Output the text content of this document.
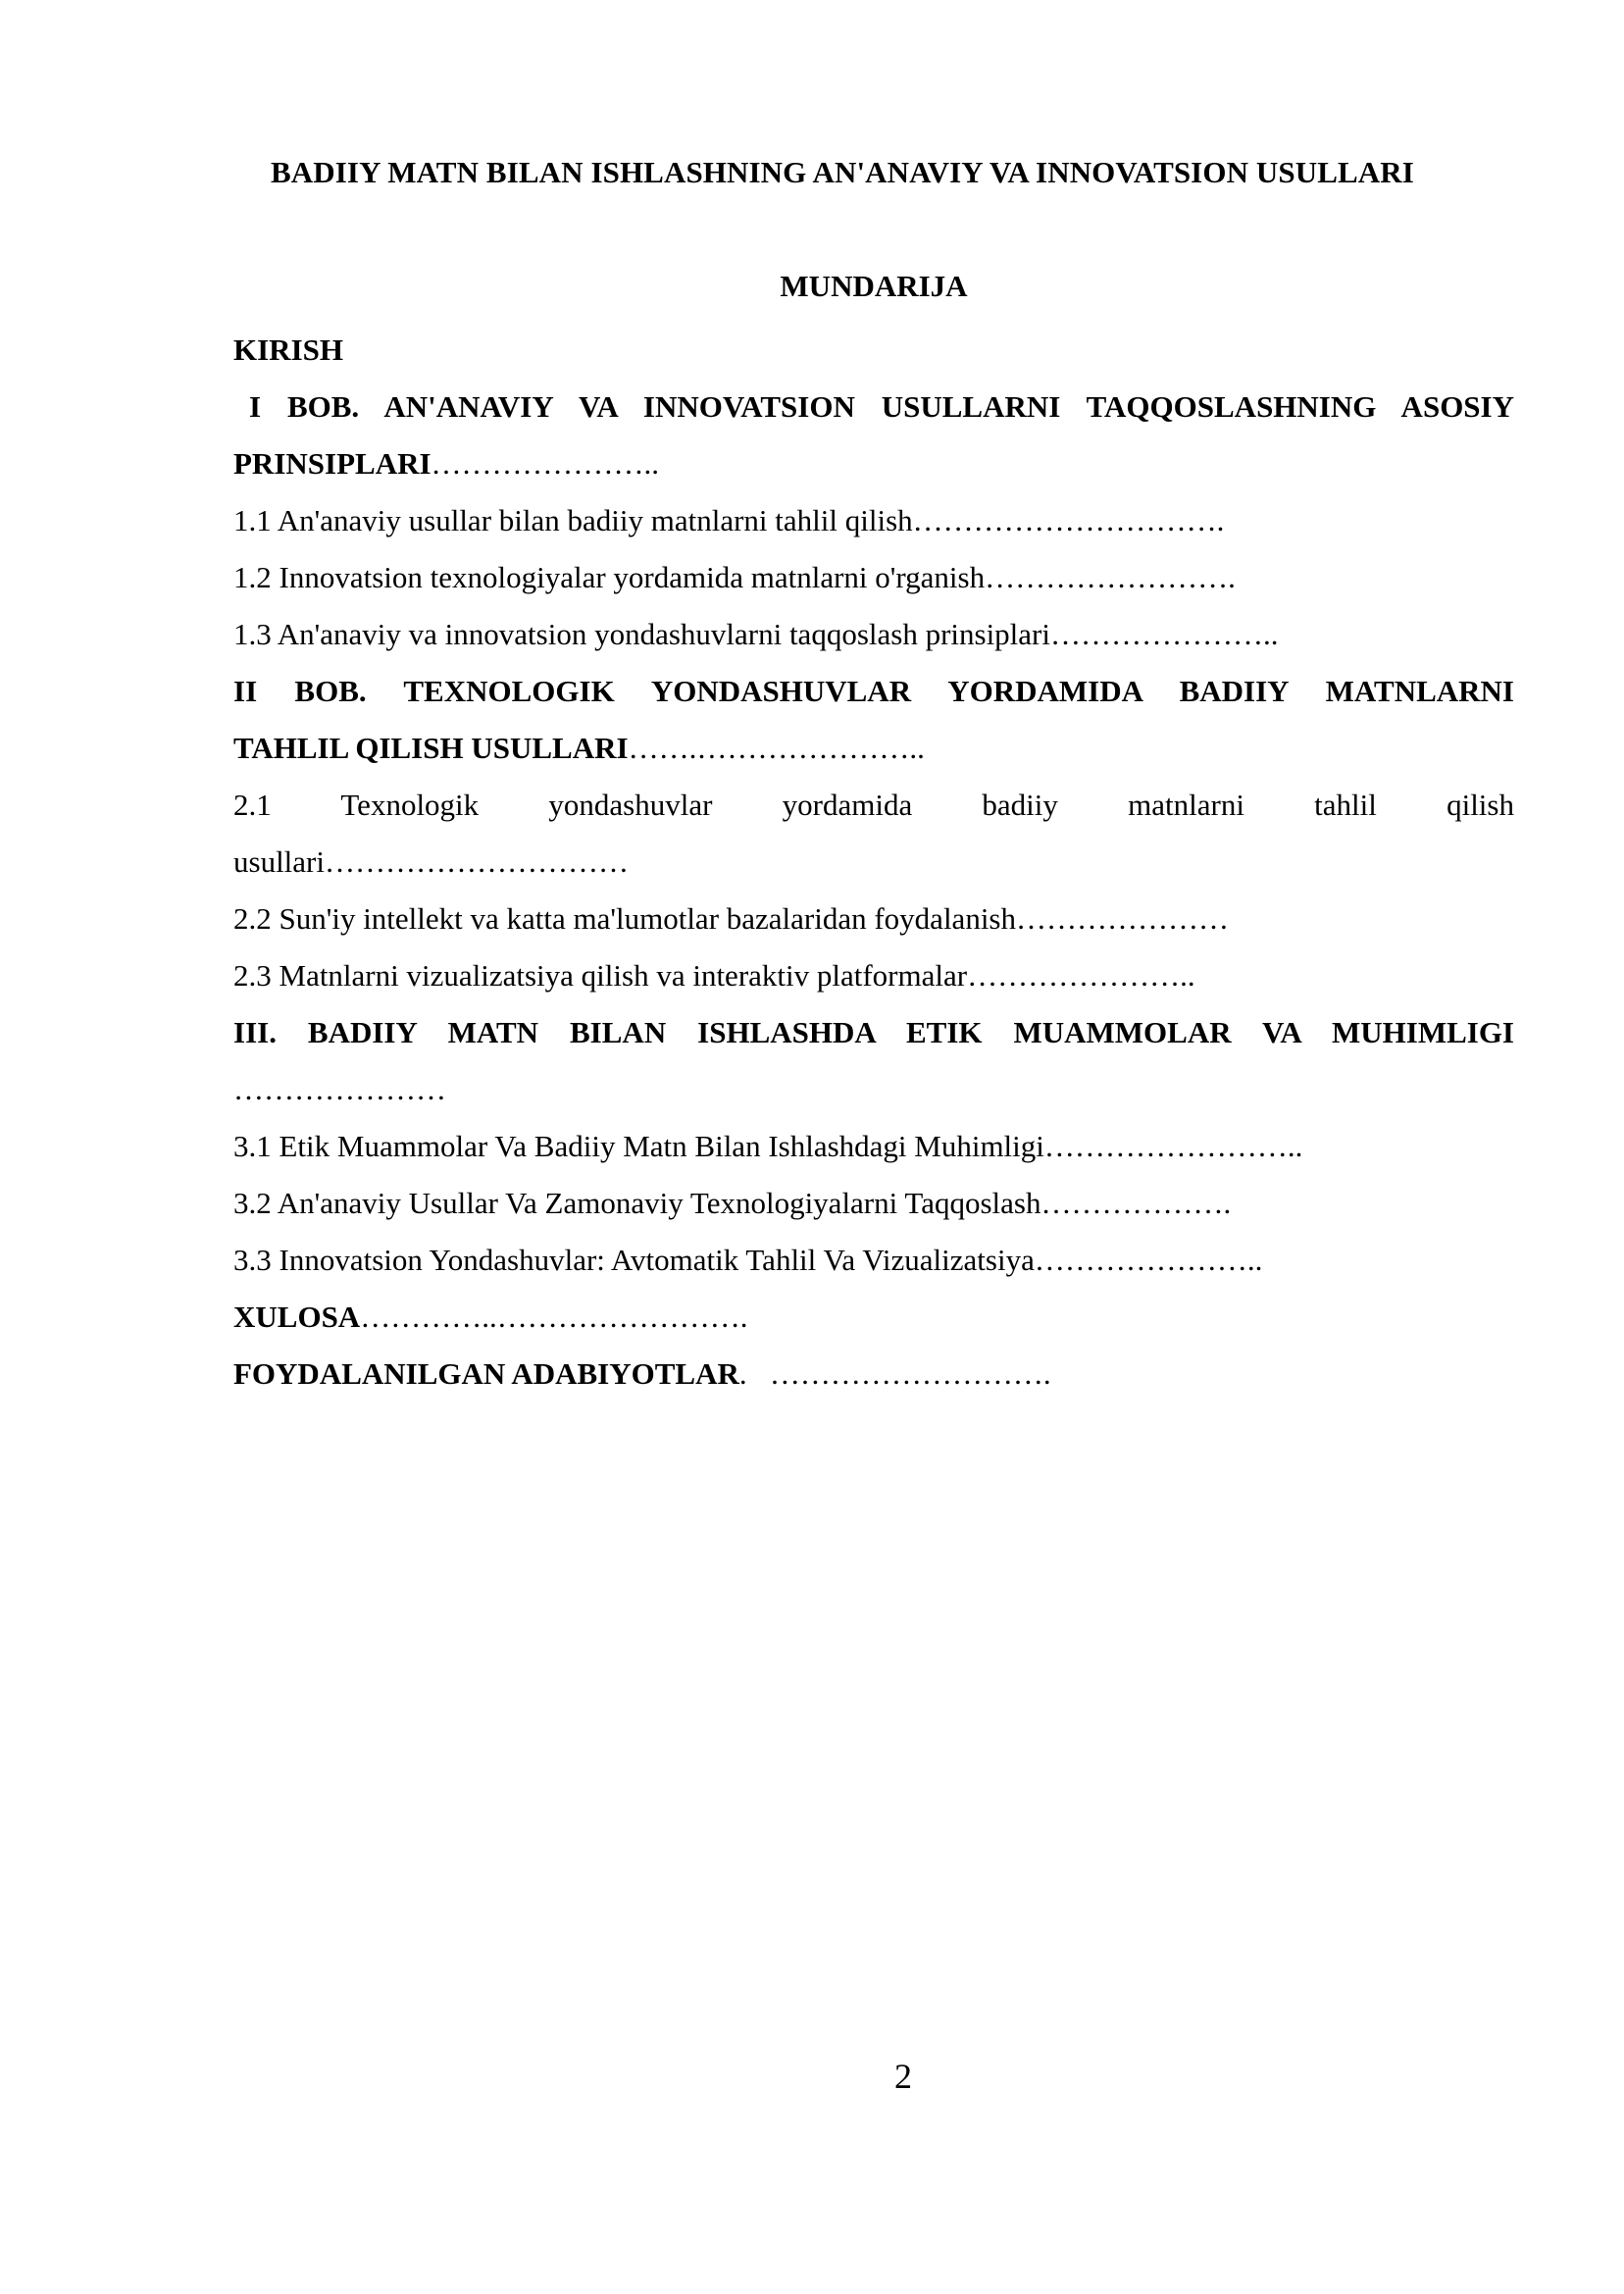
BADIIY MATN BILAN ISHLASHNING AN'ANAVIY VA INNOVATSION USULLARI
MUNDARIJA
KIRISH
I BOB. AN'ANAVIY VA INNOVATSION USULLARNI TAQQOSLASHNING ASOSIY
PRINSIPLARI…………………..
1.1 An'anaviy usullar bilan badiiy matnlarni tahlil qilish………………………….
1.2 Innovatsion texnologiyalar yordamida matnlarni o'rganish…………………….
1.3 An'anaviy va innovatsion yondashuvlarni taqqoslash prinsiplari…………………..
II BOB. TEXNOLOGIK YONDASHUVLAR YORDAMIDA BADIIY MATNLARNI
TAHLIL QILISH USULLARI…….…………………..
2.1 Texnologik yondashuvlar yordamida badiiy matnlarni tahlil qilish
usullari…………………………
2.2 Sun'iy intellekt va katta ma'lumotlar bazalaridan foydalanish…………………
2.3 Matnlarni vizualizatsiya qilish va interaktiv platformalar…………………..
III. BADIIY MATN BILAN ISHLASHDA ETIK MUAMMOLAR VA MUHIMLIGI
…………………
3.1 Etik Muammolar Va Badiiy Matn Bilan Ishlashdagi Muhimligi……………………..
3.2 An'anaviy Usullar Va Zamonaviy Texnologiyalarni Taqqoslash……………….
3.3 Innovatsion Yondashuvlar: Avtomatik Tahlil Va Vizualizatsiya…………………..
XULOSA…………..…………………….
FOYDALANILGAN ADABIYOTLAR.   ……………………….
2
